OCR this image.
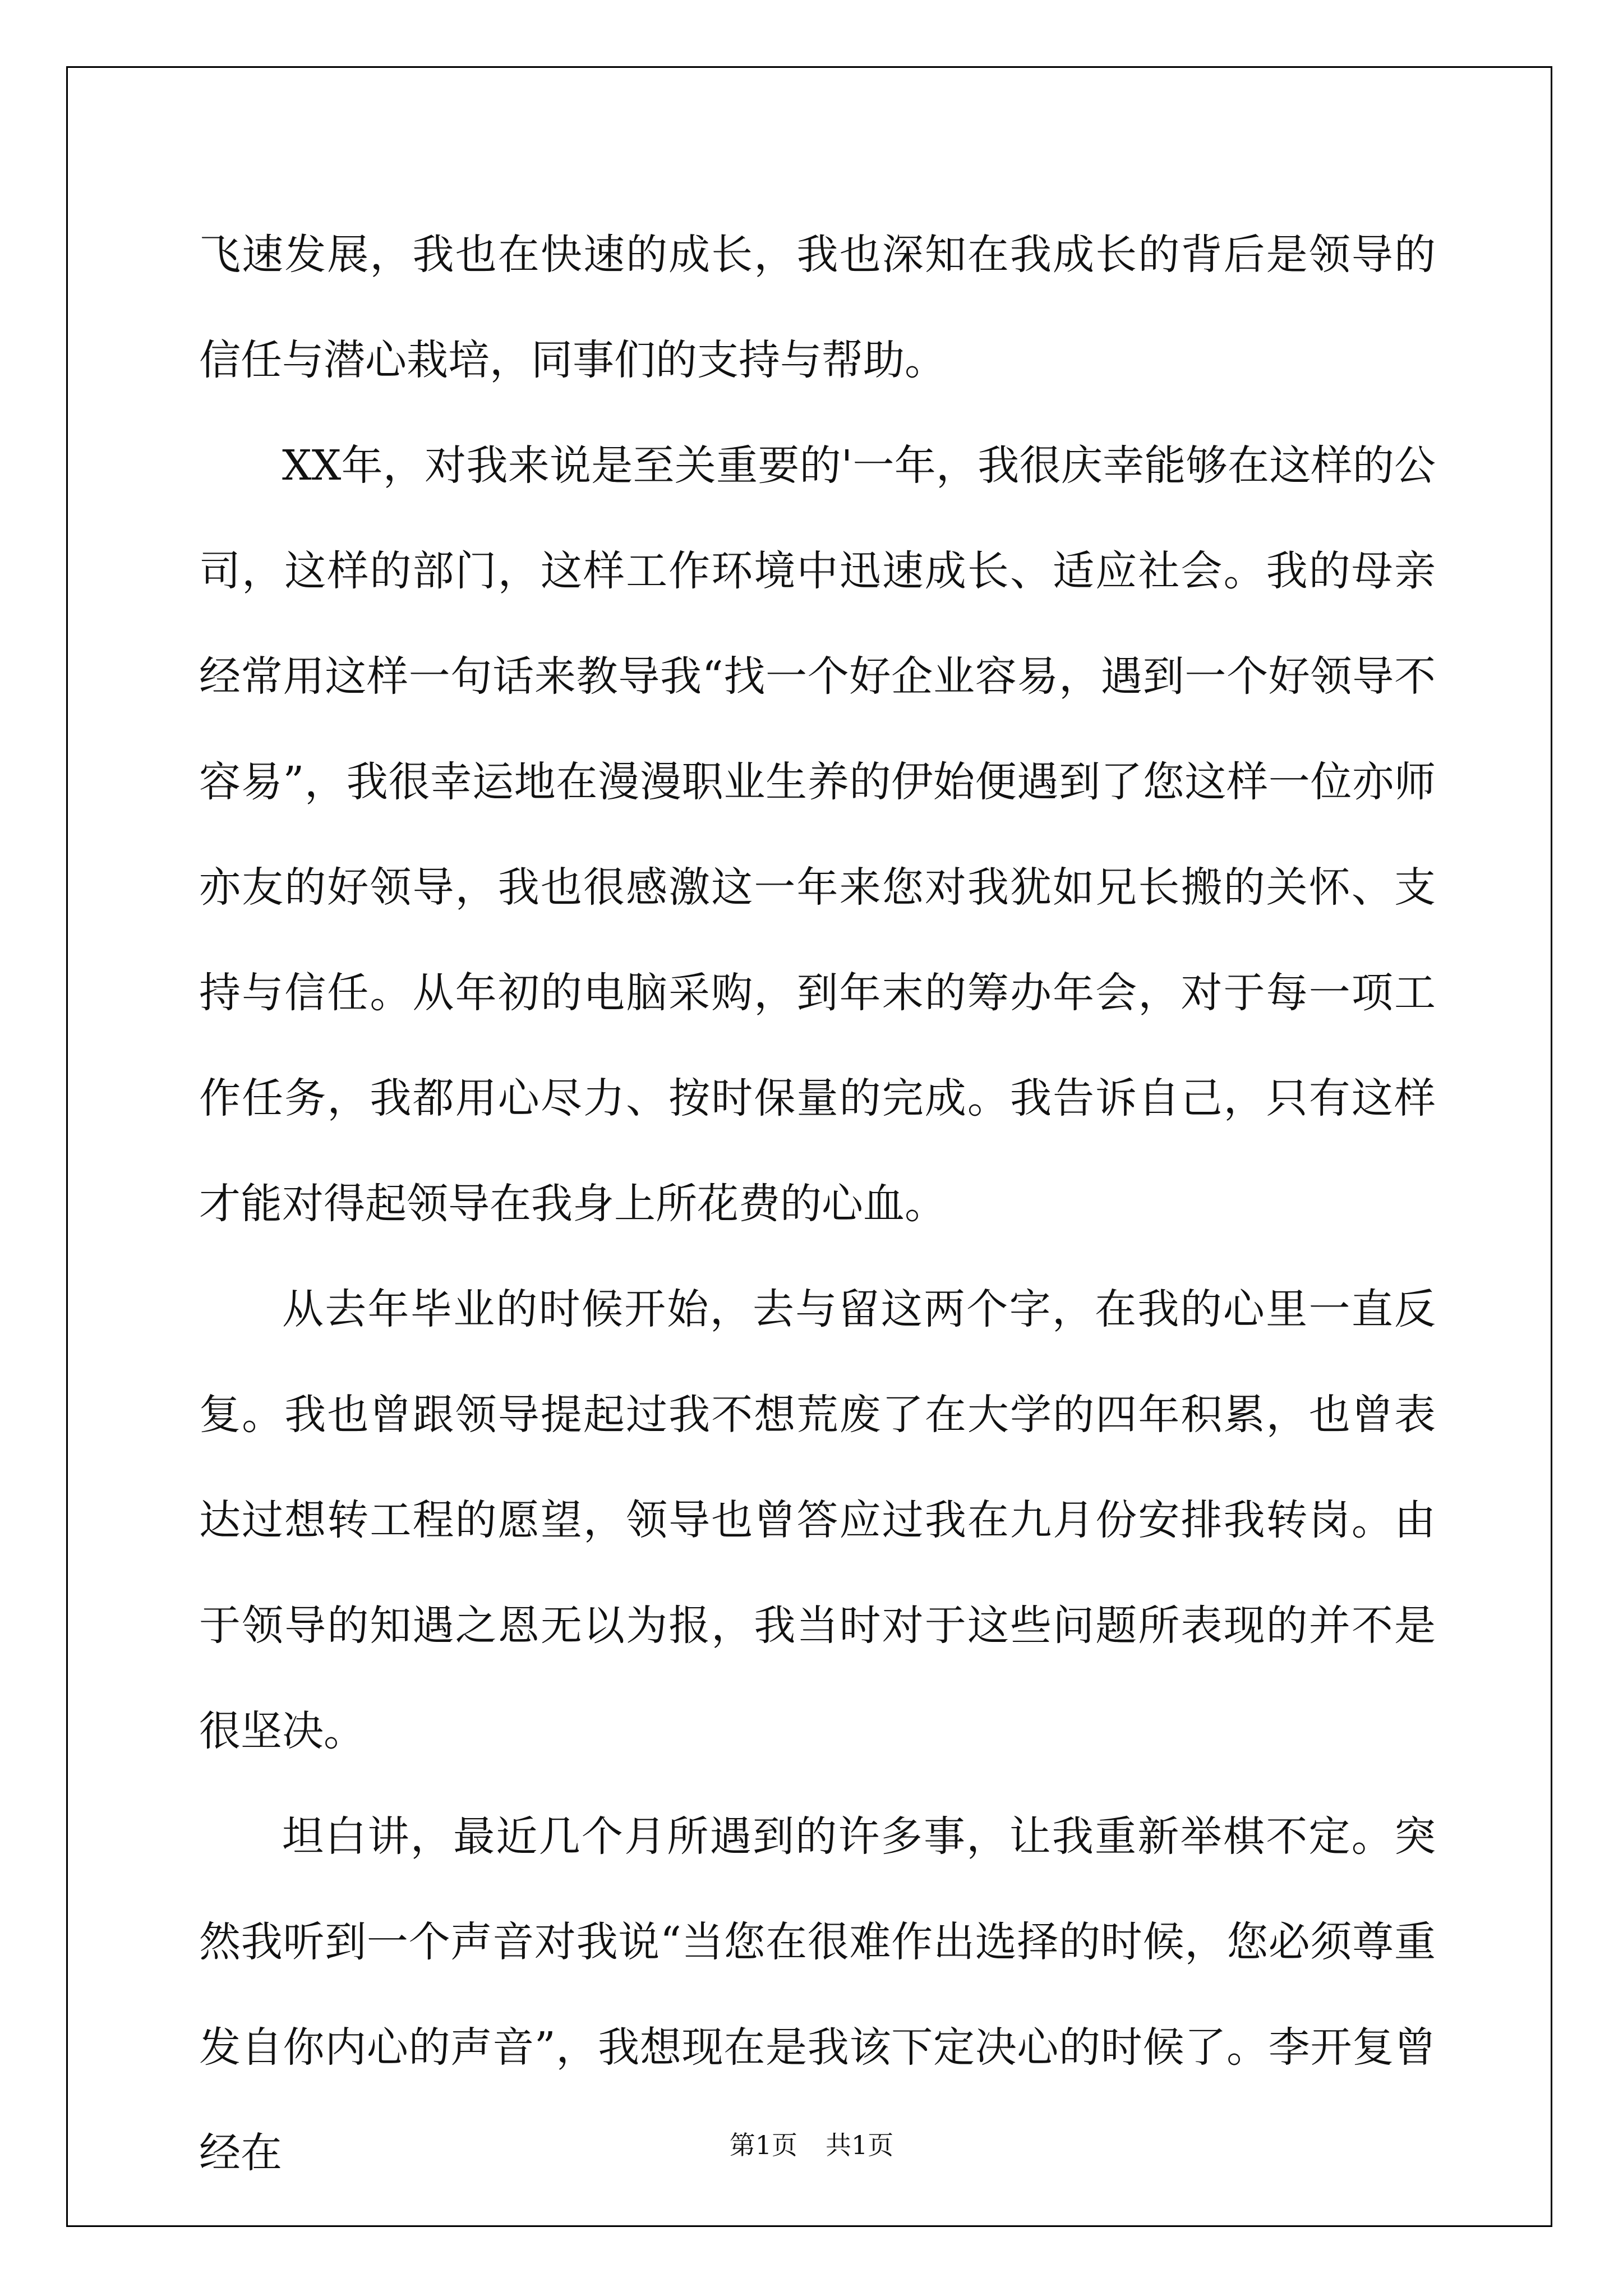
飞速发展，我也在快速的成长，我也深知在我成长的背后是领导的信任与潜心栽培，同事们的支持与帮助。

XX年，对我来说是至关重要的'一年，我很庆幸能够在这样的公司，这样的部门，这样工作环境中迅速成长、适应社会。我的母亲经常用这样一句话来教导我“找一个好企业容易，遇到一个好领导不容易”，我很幸运地在漫漫职业生养的伊始便遇到了您这样一位亦师亦友的好领导，我也很感激这一年来您对我犹如兄长搬的关怀、支持与信任。从年初的电脑采购，到年末的筹办年会，对于每一项工作任务，我都用心尽力、按时保量的完成。我告诉自己，只有这样才能对得起领导在我身上所花费的心血。

从去年毕业的时候开始，去与留这两个字，在我的心里一直反复。我也曾跟领导提起过我不想荒废了在大学的四年积累，也曾表达过想转工程的愿望，领导也曾答应过我在九月份安排我转岗。由于领导的知遇之恩无以为报，我当时对于这些问题所表现的并不是很坚决。

坦白讲，最近几个月所遇到的许多事，让我重新举棋不定。突然我听到一个声音对我说“当您在很难作出选择的时候，您必须尊重发自你内心的声音”，我想现在是我该下定决心的时候了。李开复曾经在	第1页 共1页
